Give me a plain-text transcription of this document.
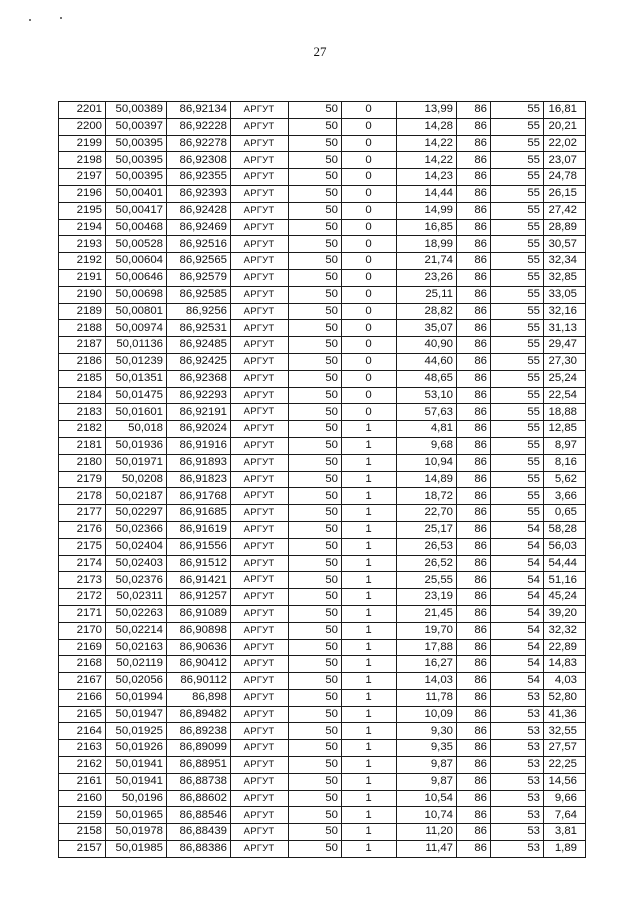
27
2201	50,00389	86,92134	АРГУТ	50	0	13,99	86	55	16,81
2200	50,00397	86,92228	АРГУТ	50	0	14,28	86	55	20,21
2199	50,00395	86,92278	АРГУТ	50	0	14,22	86	55	22,02
2198	50,00395	86,92308	АРГУТ	50	0	14,22	86	55	23,07
2197	50,00395	86,92355	АРГУТ	50	0	14,23	86	55	24,78
2196	50,00401	86,92393	АРГУТ	50	0	14,44	86	55	26,15
2195	50,00417	86,92428	АРГУТ	50	0	14,99	86	55	27,42
2194	50,00468	86,92469	АРГУТ	50	0	16,85	86	55	28,89
2193	50,00528	86,92516	АРГУТ	50	0	18,99	86	55	30,57
2192	50,00604	86,92565	АРГУТ	50	0	21,74	86	55	32,34
2191	50,00646	86,92579	АРГУТ	50	0	23,26	86	55	32,85
2190	50,00698	86,92585	АРГУТ	50	0	25,11	86	55	33,05
2189	50,00801	86,9256	АРГУТ	50	0	28,82	86	55	32,16
2188	50,00974	86,92531	АРГУТ	50	0	35,07	86	55	31,13
2187	50,01136	86,92485	АРГУТ	50	0	40,90	86	55	29,47
2186	50,01239	86,92425	АРГУТ	50	0	44,60	86	55	27,30
2185	50,01351	86,92368	АРГУТ	50	0	48,65	86	55	25,24
2184	50,01475	86,92293	АРГУТ	50	0	53,10	86	55	22,54
2183	50,01601	86,92191	АРГУТ	50	0	57,63	86	55	18,88
2182	50,018	86,92024	АРГУТ	50	1	4,81	86	55	12,85
2181	50,01936	86,91916	АРГУТ	50	1	9,68	86	55	8,97
2180	50,01971	86,91893	АРГУТ	50	1	10,94	86	55	8,16
2179	50,0208	86,91823	АРГУТ	50	1	14,89	86	55	5,62
2178	50,02187	86,91768	АРГУТ	50	1	18,72	86	55	3,66
2177	50,02297	86,91685	АРГУТ	50	1	22,70	86	55	0,65
2176	50,02366	86,91619	АРГУТ	50	1	25,17	86	54	58,28
2175	50,02404	86,91556	АРГУТ	50	1	26,53	86	54	56,03
2174	50,02403	86,91512	АРГУТ	50	1	26,52	86	54	54,44
2173	50,02376	86,91421	АРГУТ	50	1	25,55	86	54	51,16
2172	50,02311	86,91257	АРГУТ	50	1	23,19	86	54	45,24
2171	50,02263	86,91089	АРГУТ	50	1	21,45	86	54	39,20
2170	50,02214	86,90898	АРГУТ	50	1	19,70	86	54	32,32
2169	50,02163	86,90636	АРГУТ	50	1	17,88	86	54	22,89
2168	50,02119	86,90412	АРГУТ	50	1	16,27	86	54	14,83
2167	50,02056	86,90112	АРГУТ	50	1	14,03	86	54	4,03
2166	50,01994	86,898	АРГУТ	50	1	11,78	86	53	52,80
2165	50,01947	86,89482	АРГУТ	50	1	10,09	86	53	41,36
2164	50,01925	86,89238	АРГУТ	50	1	9,30	86	53	32,55
2163	50,01926	86,89099	АРГУТ	50	1	9,35	86	53	27,57
2162	50,01941	86,88951	АРГУТ	50	1	9,87	86	53	22,25
2161	50,01941	86,88738	АРГУТ	50	1	9,87	86	53	14,56
2160	50,0196	86,88602	АРГУТ	50	1	10,54	86	53	9,66
2159	50,01965	86,88546	АРГУТ	50	1	10,74	86	53	7,64
2158	50,01978	86,88439	АРГУТ	50	1	11,20	86	53	3,81
2157	50,01985	86,88386	АРГУТ	50	1	11,47	86	53	1,89
